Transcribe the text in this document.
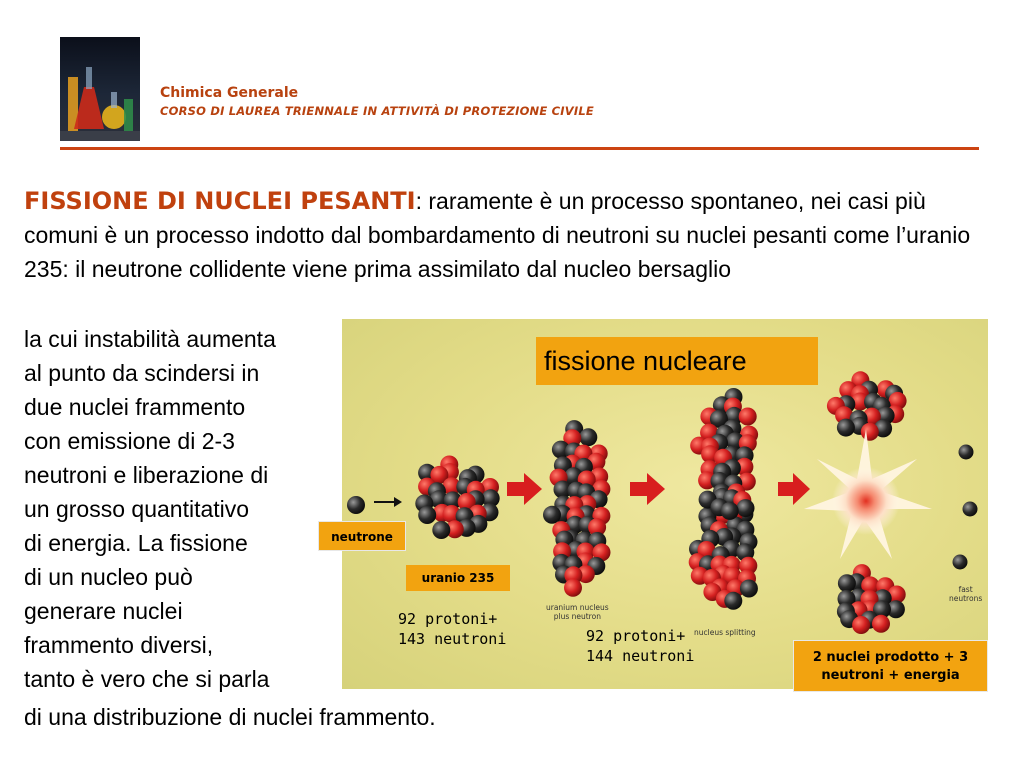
Chimica Generale
CORSO DI LAUREA TRIENNALE IN ATTIVITÀ DI PROTEZIONE CIVILE
FISSIONE DI NUCLEI PESANTI: raramente è un processo spontaneo, nei casi più comuni è un processo indotto dal bombardamento di neutroni su nuclei pesanti come l’uranio 235: il neutrone collidente viene prima assimilato dal nucleo bersaglio
la cui instabilità aumenta
al punto da scindersi in
due nuclei frammento
con emissione di 2-3
neutroni e liberazione di
un grosso quantitativo
di energia. La fissione
di un nucleo può
generare nuclei
frammento diversi,
tanto è vero che si parla
di una distribuzione di nuclei frammento.
fissione nucleare
neutrone
uranio 235
2 nuclei prodotto + 3
neutroni + energia
92 protoni+
143 neutroni	92 protoni+
144 neutroni
uranium nucleus
plus neutron
nucleus splitting
fast
neutrons
